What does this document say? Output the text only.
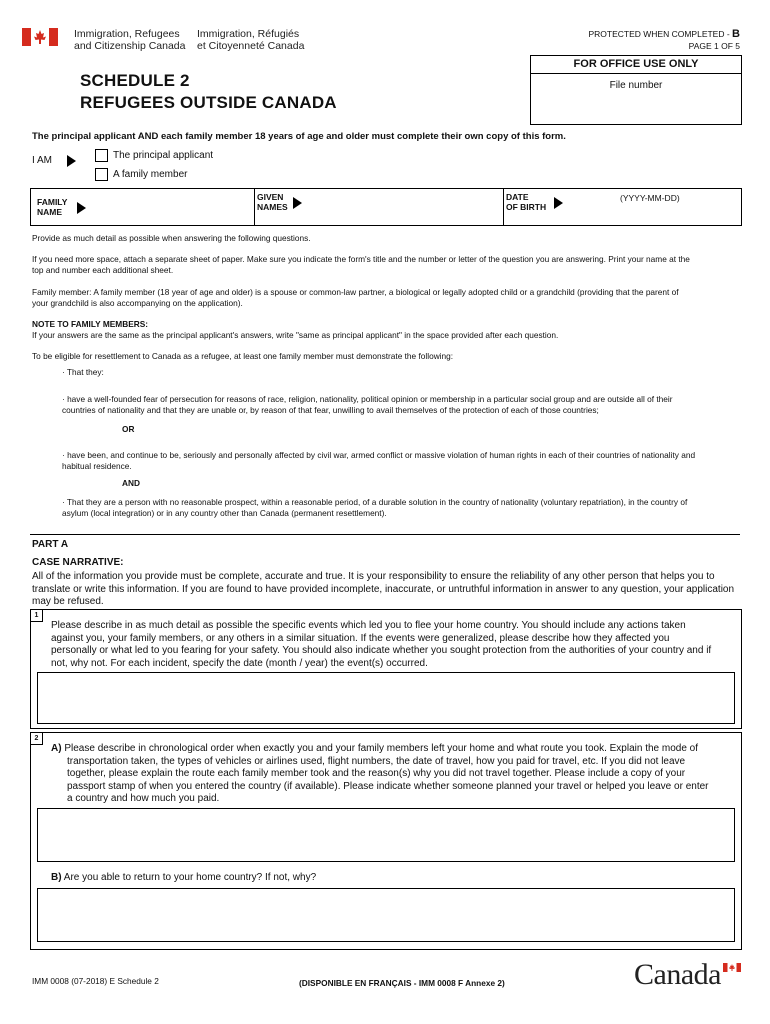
Immigration, Refugees
and Citizenship Canada
Immigration, Réfugiés
et Citoyenneté Canada
PROTECTED WHEN COMPLETED - B
PAGE 1 OF 5
SCHEDULE 2
REFUGEES OUTSIDE CANADA
FOR OFFICE USE ONLY
File number
The principal applicant AND each family member 18 years of age and older must complete their own copy of this form.
I AM	The principal applicant
A family member
FAMILY
NAME
GIVEN
NAMES
DATE
OF BIRTH
(YYYY-MM-DD)
Provide as much detail as possible when answering the following questions.
If you need more space, attach a separate sheet of paper. Make sure you indicate the form's title and the number or letter of the question you are answering. Print your name at the
top and number each additional sheet.
Family member: A family member (18 year of age and older) is a spouse or common-law partner, a biological or legally adopted child or a grandchild (providing that the parent of
your grandchild is also accompanying on the application).
NOTE TO FAMILY MEMBERS:
If your answers are the same as the principal applicant's answers, write "same as principal applicant" in the space provided after each question.
To be eligible for resettlement to Canada as a refugee, at least one family member must demonstrate the following:
· That they:
· have a well-founded fear of persecution for reasons of race, religion, nationality, political opinion or membership in a particular social group and are outside all of their
countries of nationality and that they are unable or, by reason of that fear, unwilling to avail themselves of the protection of each of those countries;
OR
· have been, and continue to be, seriously and personally affected by civil war, armed conflict or massive violation of human rights in each of their countries of nationality and
habitual residence.
AND
· That they are a person with no reasonable prospect, within a reasonable period, of a durable solution in the country of nationality (voluntary repatriation), in the country of
asylum (local integration) or in any country other than Canada (permanent resettlement).
PART A
CASE NARRATIVE:
All of the information you provide must be complete, accurate and true. It is your responsibility to ensure the reliability of any other person that helps you to
translate or write this information. If you are found to have provided incomplete, inaccurate, or untruthful information in answer to any question, your application
may be refused.
1
Please describe in as much detail as possible the specific events which led you to flee your home country. You should include any actions taken
against you, your family members, or any others in a similar situation. If the events were generalized, please describe how they affected you
personally or what led to you fearing for your safety. You should also indicate whether you sought protection from the authorities of your country and if
not, why not. For each incident, specify the date (month / year) the event(s) occurred.
2
A) Please describe in chronological order when exactly you and your family members left your home and what route you took. Explain the mode of
transportation taken, the types of vehicles or airlines used, flight numbers, the date of travel, how you paid for travel, etc. If you did not leave
together, please explain the route each family member took and the reason(s) why you did not travel together. Please include a copy of your
passport stamp of when you entered the country (if available). Please indicate whether someone planned your travel or helped you leave or enter
a country and how much you paid.
B) Are you able to return to your home country? If not, why?
IMM 0008 (07-2018) E Schedule 2	(DISPONIBLE EN FRANÇAIS - IMM 0008 F Annexe 2)	Canada
